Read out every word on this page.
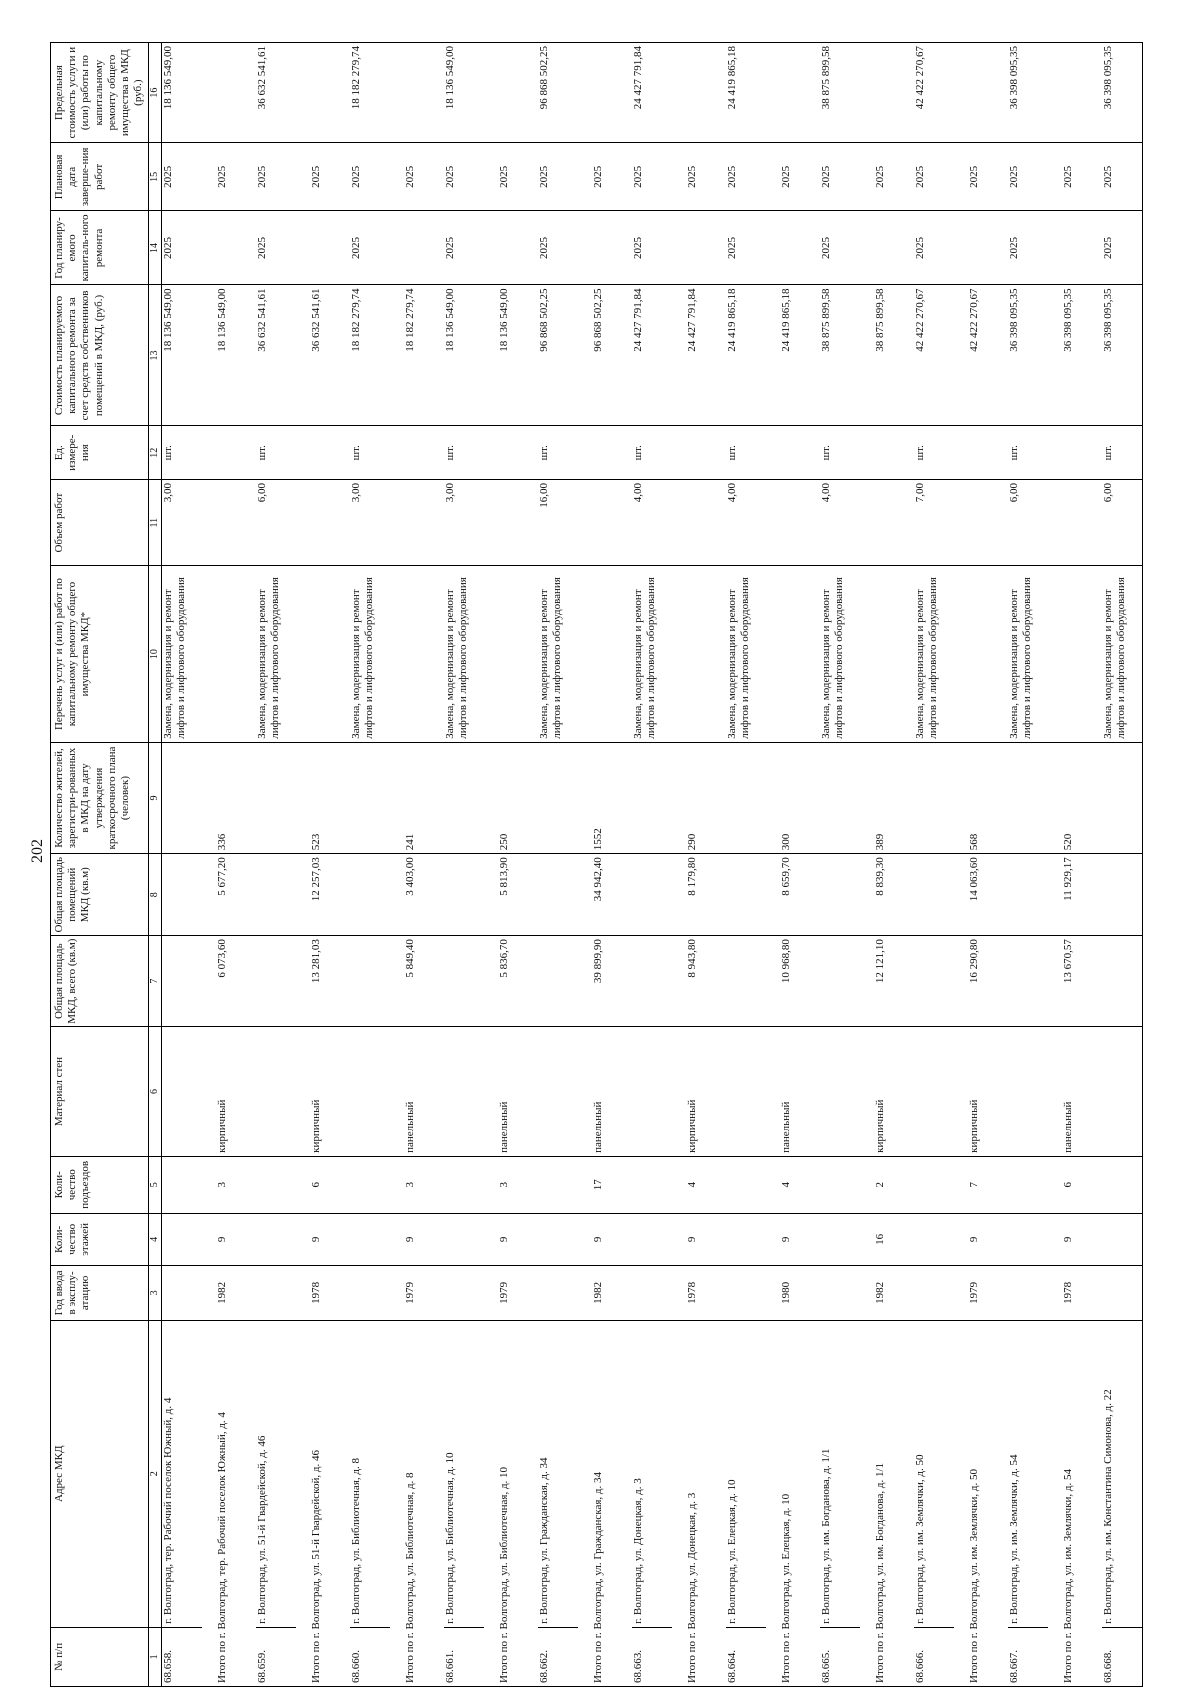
202
№ п/п	Адрес МКД	Год ввода в эксплу-атацию	Коли-чество этажей	Коли-чество подъездов	Материал стен	Общая площадь МКД, всего (кв.м)	Общая площадь помещений МКД (кв.м)	Количество жителей, зарегистри-рованных в МКД на дату утверждения краткосрочного плана (человек)	Перечень услуг и (или) работ по капитальному ремонту общего имущества МКД*	Объем работ	Ед. измере-ния	Стоимость планируемого капитального ремонта за счет средств собственников помещений в МКД, (руб.)	Год планиру-емого капиталь-ного ремонта	Плановая дата заверше-ния работ	Предельная стоимость услуги и (или) работы по капитальному ремонту общего имущества в МКД (руб.)
1	2	3	4	5	6	7	8	9	10	11	12	13	14	15	16
68.658.	г. Волгоград, тер. Рабочий поселок Южный, д. 4								Замена, модернизация и ремонт лифтов и лифтового оборудования	3,00	шт.	18 136 549,00	2025	2025	18 136 549,00
Итого по г. Волгоград, тер. Рабочий поселок Южный, д. 4		1982	9	3	кирпичный	6 073,60	5 677,20	336				18 136 549,00		2025	
68.659.	г. Волгоград, ул. 51-й Гвардейской, д. 46								Замена, модернизация и ремонт лифтов и лифтового оборудования	6,00	шт.	36 632 541,61	2025	2025	36 632 541,61
Итого по г. Волгоград, ул. 51-й Гвардейской, д. 46		1978	9	6	кирпичный	13 281,03	12 257,03	523				36 632 541,61		2025	
68.660.	г. Волгоград, ул. Библиотечная, д. 8								Замена, модернизация и ремонт лифтов и лифтового оборудования	3,00	шт.	18 182 279,74	2025	2025	18 182 279,74
Итого по г. Волгоград, ул. Библиотечная, д. 8		1979	9	3	панельный	5 849,40	3 403,00	241				18 182 279,74		2025	
68.661.	г. Волгоград, ул. Библиотечная, д. 10								Замена, модернизация и ремонт лифтов и лифтового оборудования	3,00	шт.	18 136 549,00	2025	2025	18 136 549,00
Итого по г. Волгоград, ул. Библиотечная, д. 10		1979	9	3	панельный	5 836,70	5 813,90	250				18 136 549,00		2025	
68.662.	г. Волгоград, ул. Гражданская, д. 34								Замена, модернизация и ремонт лифтов и лифтового оборудования	16,00	шт.	96 868 502,25	2025	2025	96 868 502,25
Итого по г. Волгоград, ул. Гражданская, д. 34		1982	9	17	панельный	39 899,90	34 942,40	1552				96 868 502,25		2025	
68.663.	г. Волгоград, ул. Донецкая, д. 3								Замена, модернизация и ремонт лифтов и лифтового оборудования	4,00	шт.	24 427 791,84	2025	2025	24 427 791,84
Итого по г. Волгоград, ул. Донецкая, д. 3		1978	9	4	кирпичный	8 943,80	8 179,80	290				24 427 791,84		2025	
68.664.	г. Волгоград, ул. Елецкая, д. 10								Замена, модернизация и ремонт лифтов и лифтового оборудования	4,00	шт.	24 419 865,18	2025	2025	24 419 865,18
Итого по г. Волгоград, ул. Елецкая, д. 10		1980	9	4	панельный	10 968,80	8 659,70	300				24 419 865,18		2025	
68.665.	г. Волгоград, ул. им. Богданова, д. 1/1								Замена, модернизация и ремонт лифтов и лифтового оборудования	4,00	шт.	38 875 899,58	2025	2025	38 875 899,58
Итого по г. Волгоград, ул. им. Богданова, д. 1/1		1982	16	2	кирпичный	12 121,10	8 839,30	389				38 875 899,58		2025	
68.666.	г. Волгоград, ул. им. Землячки, д. 50								Замена, модернизация и ремонт лифтов и лифтового оборудования	7,00	шт.	42 422 270,67	2025	2025	42 422 270,67
Итого по г. Волгоград, ул. им. Землячки, д. 50		1979	9	7	кирпичный	16 290,80	14 063,60	568				42 422 270,67		2025	
68.667.	г. Волгоград, ул. им. Землячки, д. 54								Замена, модернизация и ремонт лифтов и лифтового оборудования	6,00	шт.	36 398 095,35	2025	2025	36 398 095,35
Итого по г. Волгоград, ул. им. Землячки, д. 54		1978	9	6	панельный	13 670,57	11 929,17	520				36 398 095,35		2025	
68.668.	г. Волгоград, ул. им. Константина Симонова, д. 22								Замена, модернизация и ремонт лифтов и лифтового оборудования	6,00	шт.	36 398 095,35	2025	2025	36 398 095,35
